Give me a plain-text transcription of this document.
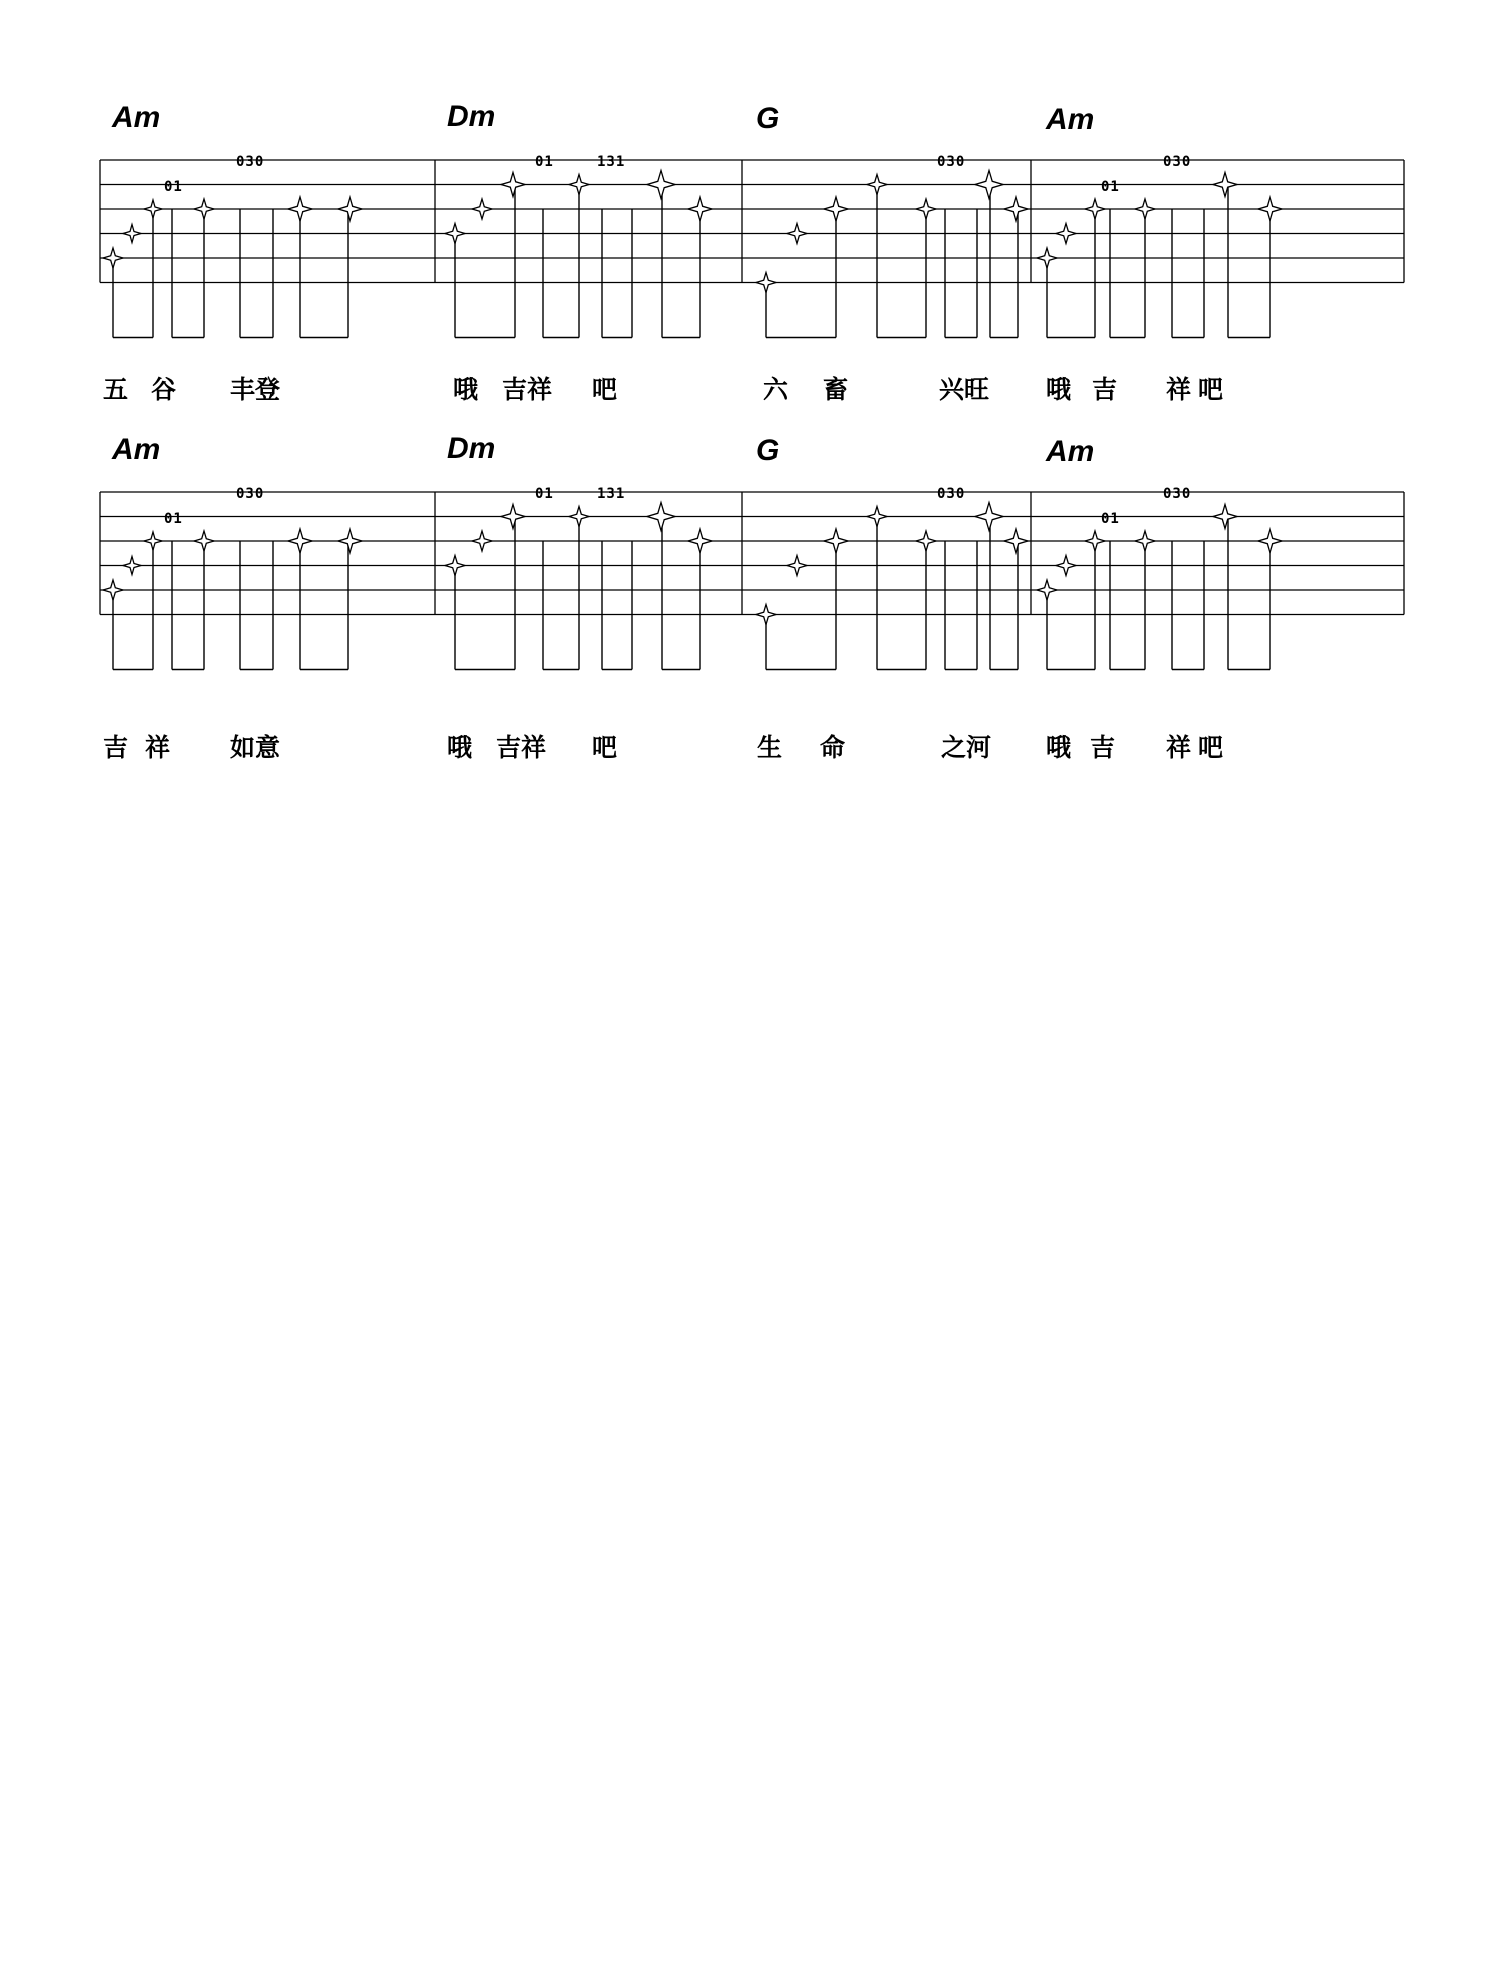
Am	Dm	G	Am
01
030	01	131	030
01
030
五 谷 丰登	哦 吉祥 吧	六 畜	兴旺 哦 吉 祥 吧
Am	Dm	G	Am
01
030	01	131	030
01
030
吉 祥 如意	哦 吉祥 吧	生 命	之河 哦 吉 祥 吧
